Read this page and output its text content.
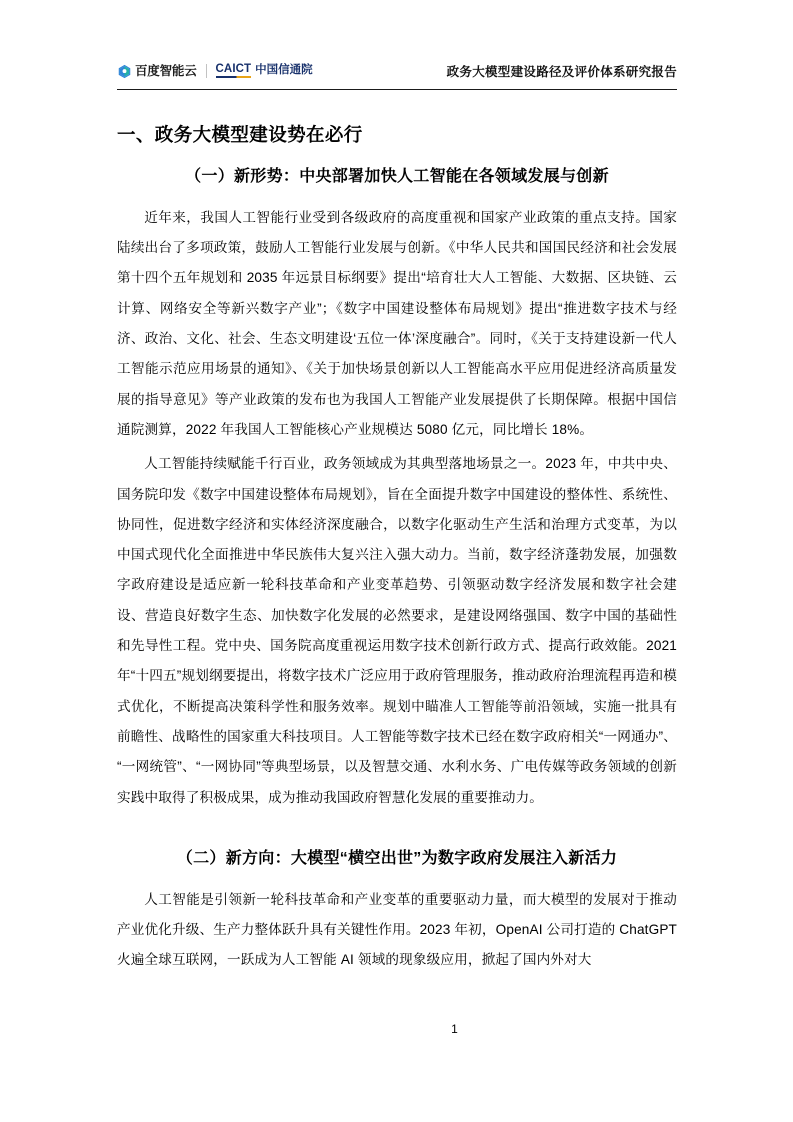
百度智能云 CAICT 中国信通院	政务大模型建设路径及评价体系研究报告
一、政务大模型建设势在必行
（一）新形势：中央部署加快人工智能在各领域发展与创新

近年来，我国人工智能行业受到各级政府的高度重视和国家产业政策的重点支持。国家陆续出台了多项政策，鼓励人工智能行业发展与创新。《中华人民共和国国民经济和社会发展第十四个五年规划和 2035 年远景目标纲要》提出“培育壮大人工智能、大数据、区块链、云计算、网络安全等新兴数字产业”；《数字中国建设整体布局规划》提出“推进数字技术与经济、政治、文化、社会、生态文明建设‘五位一体’深度融合”。同时，《关于支持建设新一代人工智能示范应用场景的通知》、《关于加快场景创新以人工智能高水平应用促进经济高质量发展的指导意见》等产业政策的发布也为我国人工智能产业发展提供了长期保障。根据中国信通院测算，2022 年我国人工智能核心产业规模达 5080 亿元，同比增长 18%。

人工智能持续赋能千行百业，政务领域成为其典型落地场景之一。2023 年，中共中央、国务院印发《数字中国建设整体布局规划》，旨在全面提升数字中国建设的整体性、系统性、协同性，促进数字经济和实体经济深度融合，以数字化驱动生产生活和治理方式变革，为以中国式现代化全面推进中华民族伟大复兴注入强大动力。当前，数字经济蓬勃发展，加强数字政府建设是适应新一轮科技革命和产业变革趋势、引领驱动数字经济发展和数字社会建设、营造良好数字生态、加快数字化发展的必然要求，是建设网络强国、数字中国的基础性和先导性工程。党中央、国务院高度重视运用数字技术创新行政方式、提高行政效能。2021 年“十四五”规划纲要提出，将数字技术广泛应用于政府管理服务，推动政府治理流程再造和模式优化，不断提高决策科学性和服务效率。规划中瞄准人工智能等前沿领域，实施一批具有前瞻性、战略性的国家重大科技项目。人工智能等数字技术已经在数字政府相关“一网通办”、“一网统管”、“一网协同”等典型场景，以及智慧交通、水利水务、广电传媒等政务领域的创新实践中取得了积极成果，成为推动我国政府智慧化发展的重要推动力。

（二）新方向：大模型“横空出世”为数字政府发展注入新活力

人工智能是引领新一轮科技革命和产业变革的重要驱动力量，而大模型的发展对于推动产业优化升级、生产力整体跃升具有关键性作用。2023 年初，OpenAI 公司打造的 ChatGPT 火遍全球互联网，一跃成为人工智能 AI 领域的现象级应用，掀起了国内外对大

1
